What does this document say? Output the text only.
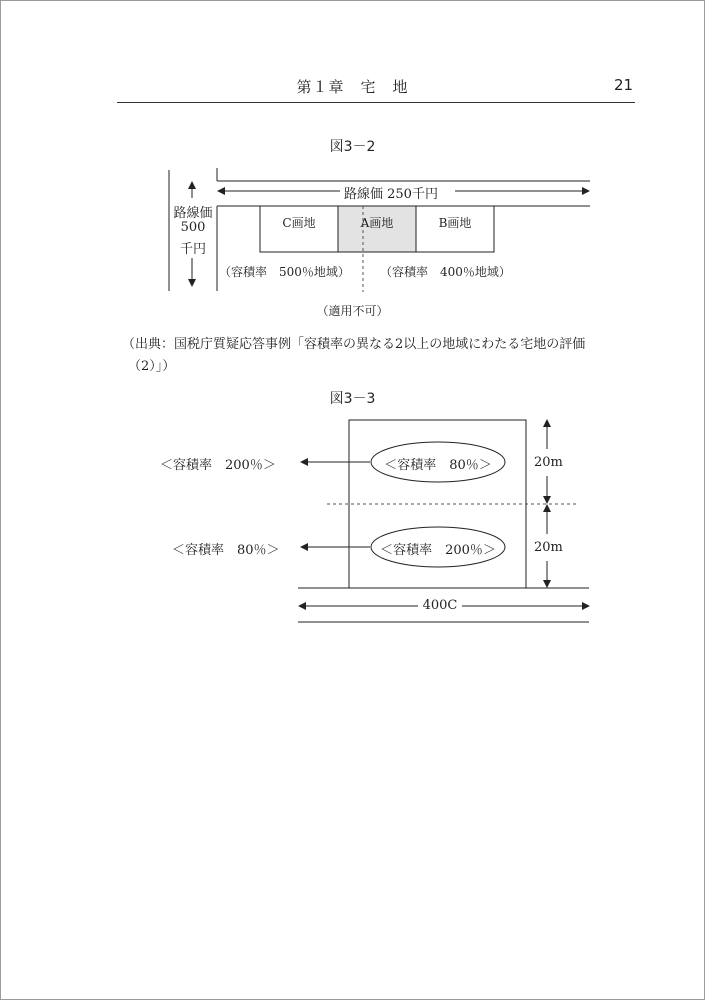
第１章　宅　地	21
図3－2
路線価 250千円
路線価
500
千円
C画地	A画地	B画地
（容積率　500％地域）	（容積率　400％地域）
（適用不可）
（出典：国税庁質疑応答事例「容積率の異なる2以上の地域にわたる宅地の評価
（2）」）
図3－3
＜容積率　200％＞	＜容積率　80％＞
＜容積率　80％＞	＜容積率　200％＞
20m
20m
400C
